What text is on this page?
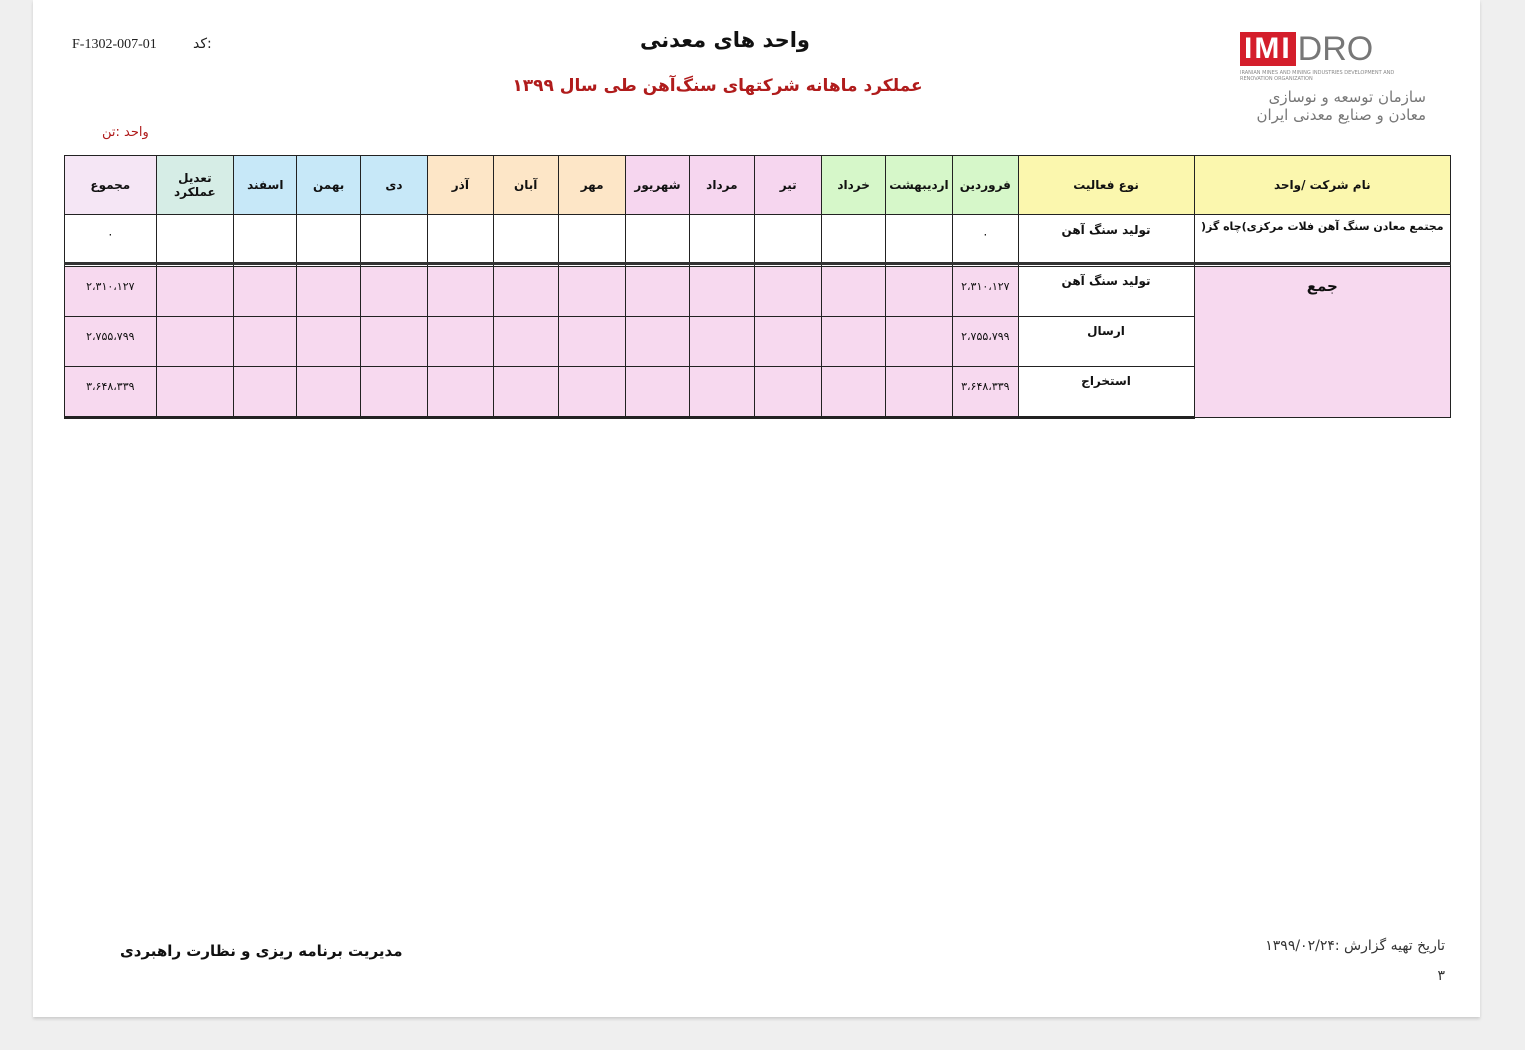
کد:
F-1302-007-01	واحد های معدنی
عملکرد ماهانه شرکتهای سنگ‌آهن طی سال ۱۳۹۹
واحد :تن
IMI DRO
IRANIAN MINES AND MINING INDUSTRIES DEVELOPMENT AND RENOVATION ORGANIZATION
سازمان توسعه و نوسازی
معادن و صنایع معدنی ایران
نام شرکت /واحد	نوع فعالیت	فروردین	اردیبهشت	خرداد	تیر	مرداد	شهریور	مهر	آبان	آذر	دی	بهمن	اسفند	تعدیل عملکرد	مجموع
مجتمع معادن سنگ آهن فلات مرکزی)چاه گز(	تولید سنگ آهن	۰													۰
جمع	تولید سنگ آهن	۲،۳۱۰،۱۲۷													۲،۳۱۰،۱۲۷
	ارسال	۲،۷۵۵،۷۹۹													۲،۷۵۵،۷۹۹
	استخراج	۳،۶۴۸،۳۳۹													۳،۶۴۸،۳۳۹
تاریخ تهیه گزارش :۱۳۹۹/۰۲/۲۴
۳
مدیریت برنامه ریزی و نظارت راهبردی
